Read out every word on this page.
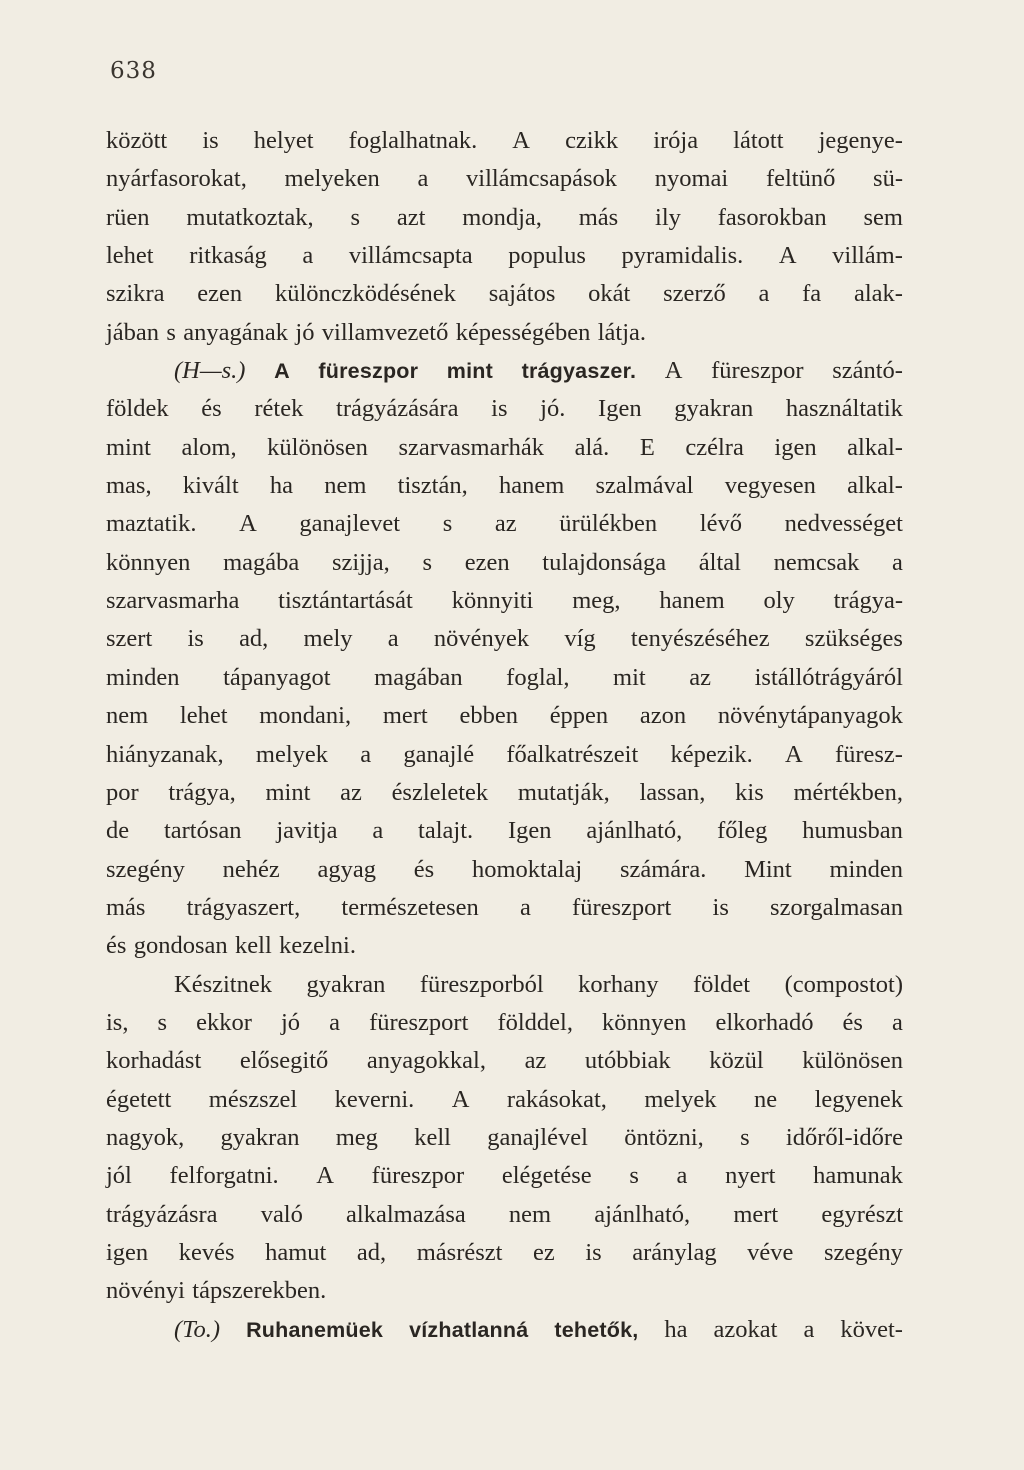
638
között is helyet foglalhatnak. A czikk irója látott jegenye-
nyárfasorokat, melyeken a villámcsapások nyomai feltünő sü-
rüen mutatkoztak, s azt mondja, más ily fasorokban sem
lehet ritkaság a villámcsapta populus pyramidalis. A villám-
szikra ezen különczködésének sajátos okát szerző a fa alak-
jában s anyagának jó villamvezető képességében látja.
(H—s.) A füreszpor mint trágyaszer. A füreszpor szántó-
földek és rétek trágyázására is jó. Igen gyakran használtatik
mint alom, különösen szarvasmarhák alá. E czélra igen alkal-
mas, kivált ha nem tisztán, hanem szalmával vegyesen alkal-
maztatik. A ganajlevet s az ürülékben lévő nedvességet
könnyen magába szijja, s ezen tulajdonsága által nemcsak a
szarvasmarha tisztántartását könnyiti meg, hanem oly trágya-
szert is ad, mely a növények víg tenyészéséhez szükséges
minden tápanyagot magában foglal, mit az istállótrágyáról
nem lehet mondani, mert ebben éppen azon növénytápanyagok
hiányzanak, melyek a ganajlé főalkatrészeit képezik. A füresz-
por trágya, mint az észleletek mutatják, lassan, kis mértékben,
de tartósan javitja a talajt. Igen ajánlható, főleg humusban
szegény nehéz agyag és homoktalaj számára. Mint minden
más trágyaszert, természetesen a füreszport is szorgalmasan
és gondosan kell kezelni.
Készitnek gyakran füreszporból korhany földet (compostot)
is, s ekkor jó a füreszport földdel, könnyen elkorhadó és a
korhadást elősegitő anyagokkal, az utóbbiak közül különösen
égetett mészszel keverni. A rakásokat, melyek ne legyenek
nagyok, gyakran meg kell ganajlével öntözni, s időről-időre
jól felforgatni. A füreszpor elégetése s a nyert hamunak
trágyázásra való alkalmazása nem ajánlható, mert egyrészt
igen kevés hamut ad, másrészt ez is aránylag véve szegény
növényi tápszerekben.
(To.) Ruhanemüek vízhatlanná tehetők, ha azokat a követ-
